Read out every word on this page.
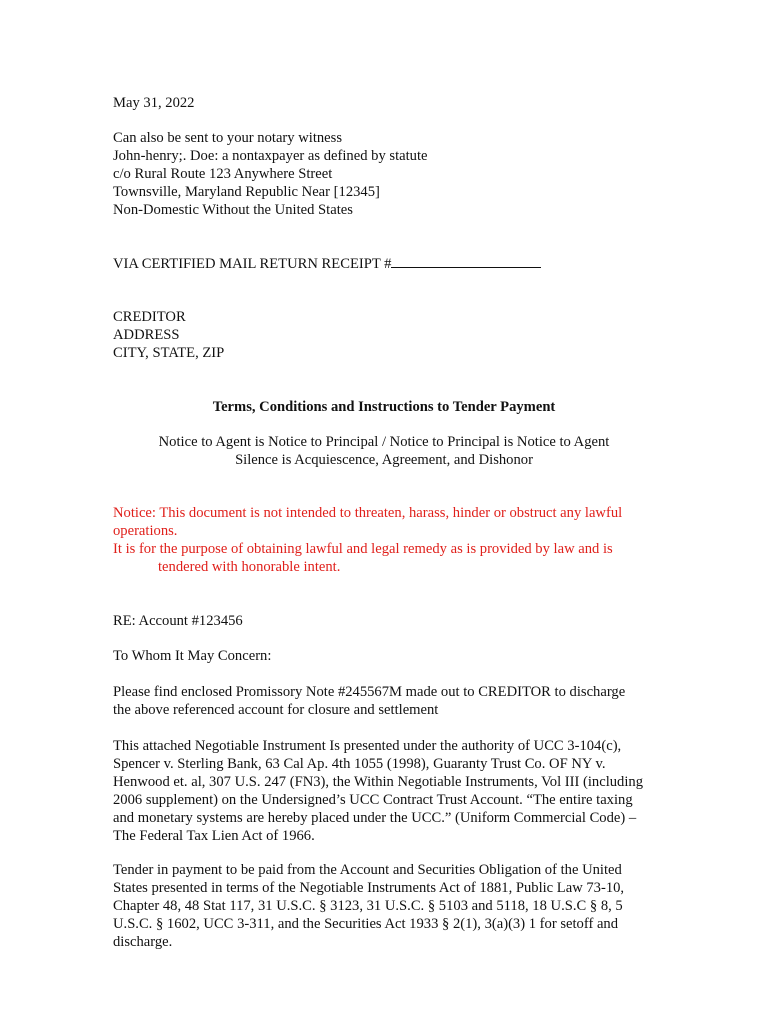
May 31, 2022

Can also be sent to your notary witness
John-henry;. Doe: a nontaxpayer as defined by statute
c/o Rural Route 123 Anywhere Street
Townsville, Maryland Republic Near [12345]
Non-Domestic Without the United States

VIA CERTIFIED MAIL RETURN RECEIPT #

CREDITOR
ADDRESS
CITY, STATE, ZIP

Terms, Conditions and Instructions to Tender Payment

Notice to Agent is Notice to Principal / Notice to Principal is Notice to Agent

Silence is Acquiescence, Agreement, and Dishonor

Notice: This document is not intended to threaten, harass, hinder or obstruct any lawful operations.
It is for the purpose of obtaining lawful and legal remedy as is provided by law and is
tendered with honorable intent.

RE: Account #123456

To Whom It May Concern:

Please find enclosed Promissory Note #245567M made out to CREDITOR to discharge the above referenced account for closure and settlement

This attached Negotiable Instrument Is presented under the authority of UCC 3-104(c), Spencer v. Sterling Bank, 63 Cal Ap. 4th 1055 (1998), Guaranty Trust Co. OF NY v. Henwood et. al, 307 U.S. 247 (FN3), the Within Negotiable Instruments, Vol III (including 2006 supplement) on the Undersigned’s UCC Contract Trust Account. “The entire taxing and monetary systems are hereby placed under the UCC.” (Uniform Commercial Code) – The Federal Tax Lien Act of 1966.

Tender in payment to be paid from the Account and Securities Obligation of the United States presented in terms of the Negotiable Instruments Act of 1881, Public Law 73-10, Chapter 48, 48 Stat 117, 31 U.S.C. § 3123, 31 U.S.C. § 5103 and 5118, 18 U.S.C § 8, 5 U.S.C. § 1602, UCC 3-311, and the Securities Act 1933 § 2(1), 3(a)(3) 1 for setoff and discharge.
